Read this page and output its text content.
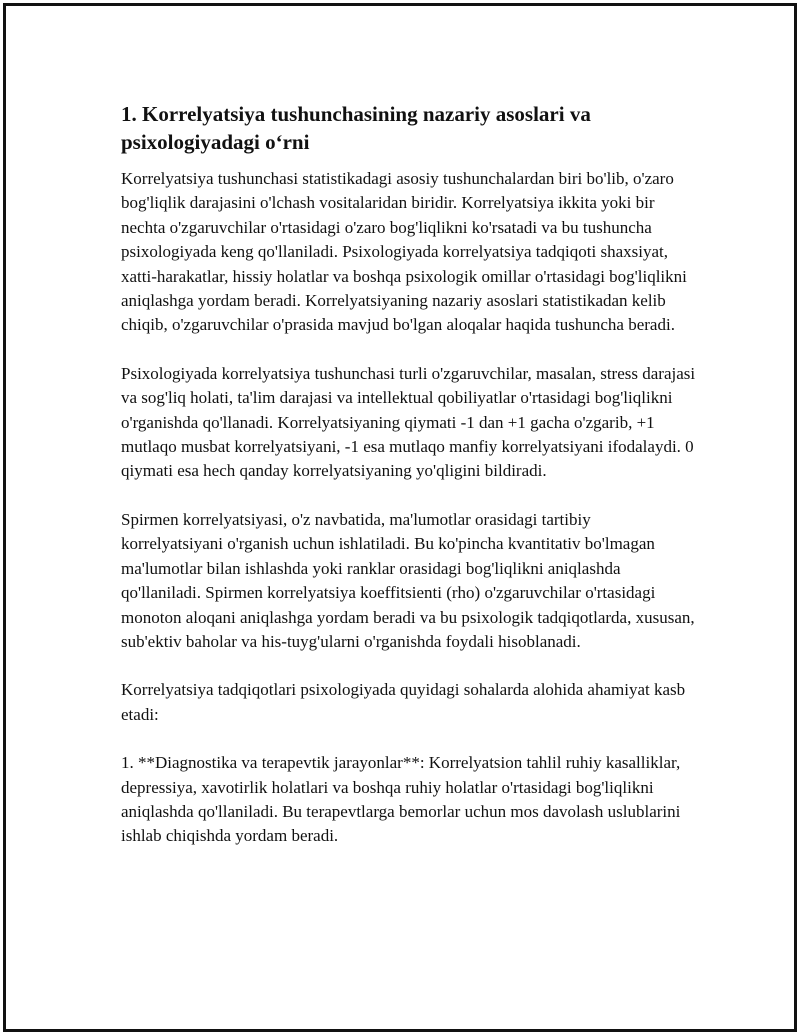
1. Korrelyatsiya tushunchasining nazariy asoslari va psixologiyadagi o‘rni

Korrelyatsiya tushunchasi statistikadagi asosiy tushunchalardan biri bo'lib, o'zaro bog'liqlik darajasini o'lchash vositalaridan biridir. Korrelyatsiya ikkita yoki bir nechta o'zgaruvchilar o'rtasidagi o'zaro bog'liqlikni ko'rsatadi va bu tushuncha psixologiyada keng qo'llaniladi. Psixologiyada korrelyatsiya tadqiqoti shaxsiyat, xatti-harakatlar, hissiy holatlar va boshqa psixologik omillar o'rtasidagi bog'liqlikni aniqlashga yordam beradi. Korrelyatsiyaning nazariy asoslari statistikadan kelib chiqib, o'zgaruvchilar o'prasida mavjud bo'lgan aloqalar haqida tushuncha beradi.

Psixologiyada korrelyatsiya tushunchasi turli o'zgaruvchilar, masalan, stress darajasi va sog'liq holati, ta'lim darajasi va intellektual qobiliyatlar o'rtasidagi bog'liqlikni o'rganishda qo'llanadi. Korrelyatsiyaning qiymati -1 dan +1 gacha o'zgarib, +1 mutlaqo musbat korrelyatsiyani, -1 esa mutlaqo manfiy korrelyatsiyani ifodalaydi. 0 qiymati esa hech qanday korrelyatsiyaning yo'qligini bildiradi.

Spirmen korrelyatsiyasi, o'z navbatida, ma'lumotlar orasidagi tartibiy korrelyatsiyani o'rganish uchun ishlatiladi. Bu ko'pincha kvantitativ bo'lmagan ma'lumotlar bilan ishlashda yoki ranklar orasidagi bog'liqlikni aniqlashda qo'llaniladi. Spirmen korrelyatsiya koeffitsienti (rho) o'zgaruvchilar o'rtasidagi monoton aloqani aniqlashga yordam beradi va bu psixologik tadqiqotlarda, xususan, sub'ektiv baholar va his-tuyg'ularni o'rganishda foydali hisoblanadi.

Korrelyatsiya tadqiqotlari psixologiyada quyidagi sohalarda alohida ahamiyat kasb etadi:

1. **Diagnostika va terapevtik jarayonlar**: Korrelyatsion tahlil ruhiy kasalliklar, depressiya, xavotirlik holatlari va boshqa ruhiy holatlar o'rtasidagi bog'liqlikni aniqlashda qo'llaniladi. Bu terapevtlarga bemorlar uchun mos davolash uslublarini ishlab chiqishda yordam beradi.
